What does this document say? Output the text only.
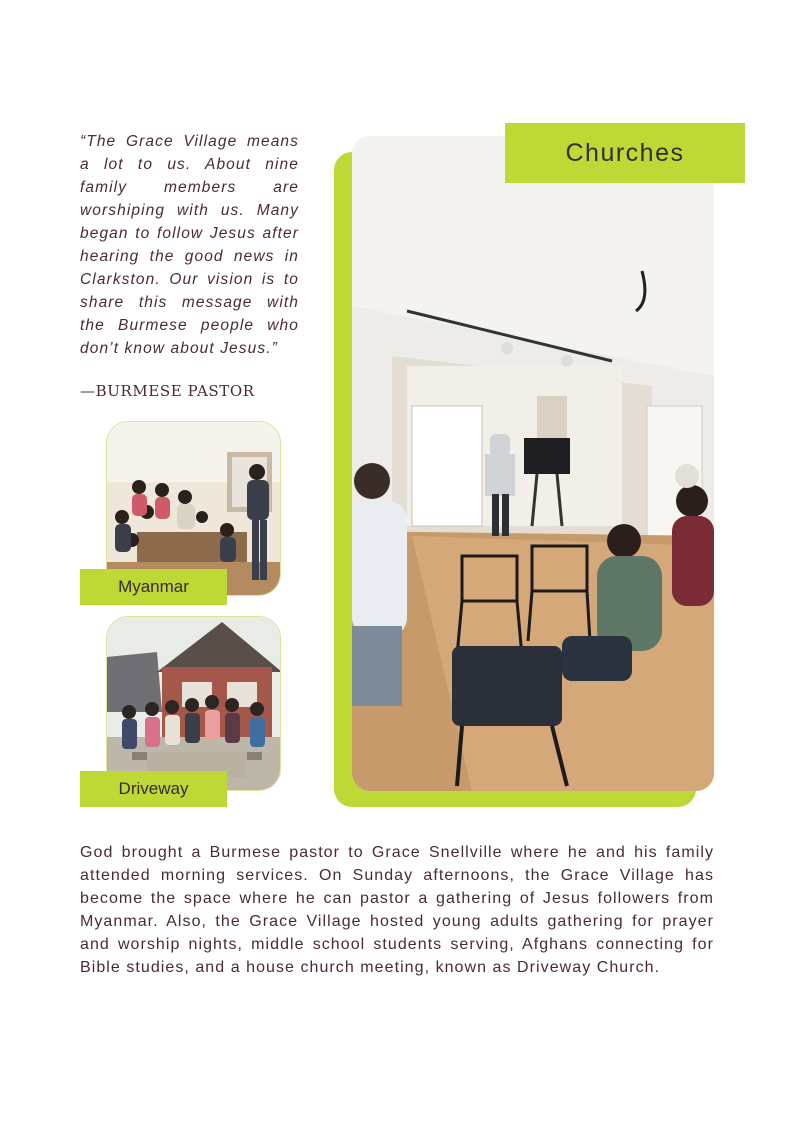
“The Grace Village means a lot to us. About nine family members are worshiping with us. Many began to follow Jesus after hearing the good news in Clarkston. Our vision is to share this message with the Burmese people who don’t know about Jesus.”
—BURMESE PASTOR
Churches
Myanmar
Driveway
God brought a Burmese pastor to Grace Snellville where he and his family attended morning services. On Sunday afternoons, the Grace Village has become the space where he can pastor a gathering of Jesus followers from Myanmar. Also, the Grace Village hosted young adults gathering for prayer and worship nights, middle school students serving, Afghans connecting for Bible studies, and a house church meeting, known as Driveway Church.
